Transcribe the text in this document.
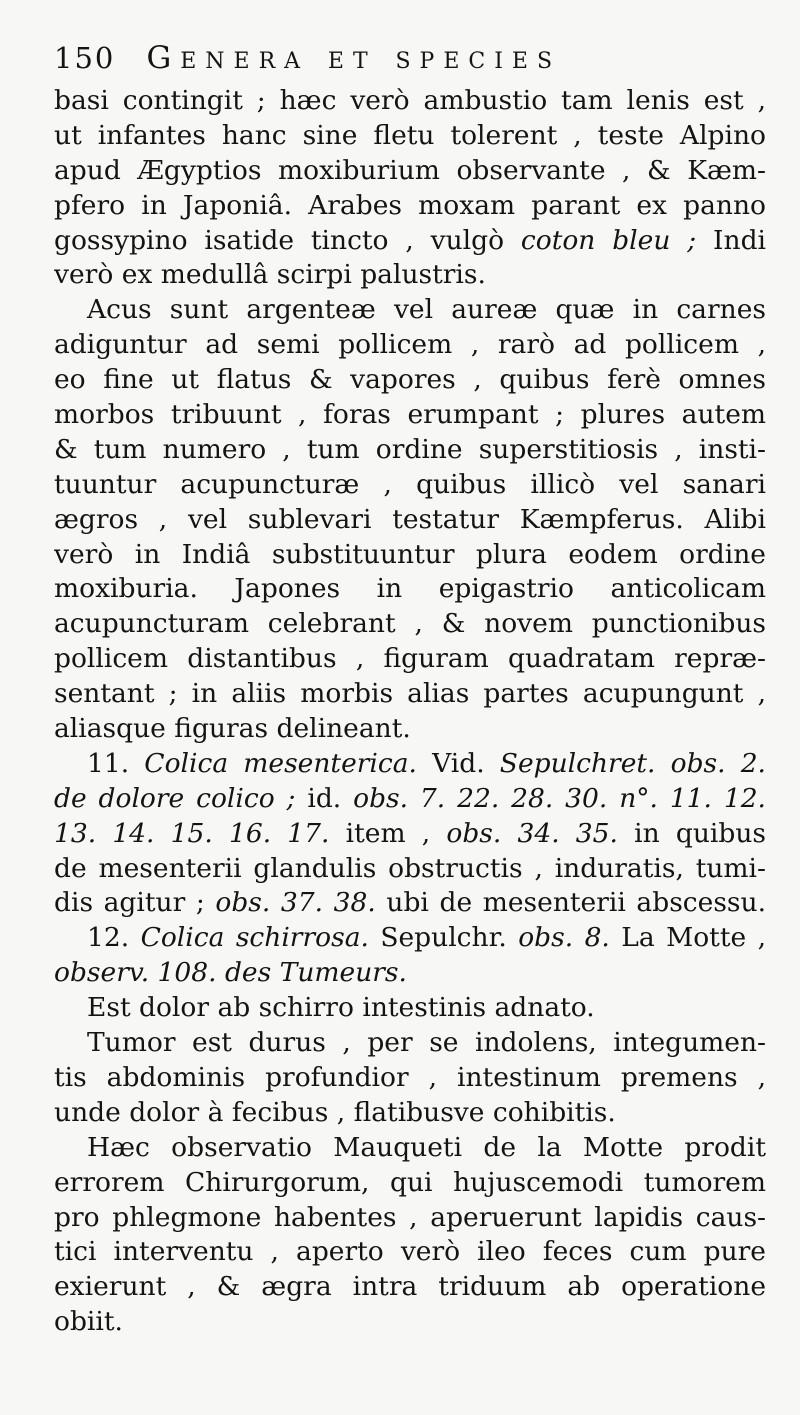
150 Genera et species
basi contingit ; hæc verò ambustio tam lenis est ,
ut infantes hanc sine fletu tolerent , teste Alpino
apud Ægyptios moxiburium observante , & Kæm-
pfero in Japoniâ. Arabes moxam parant ex panno
gossypino isatide tincto , vulgò coton bleu ; Indi
verò ex medullâ scirpi palustris.
Acus sunt argenteæ vel aureæ quæ in carnes
adiguntur ad semi pollicem , rarò ad pollicem ,
eo fine ut flatus & vapores , quibus ferè omnes
morbos tribuunt , foras erumpant ; plures autem
& tum numero , tum ordine superstitiosis , insti-
tuuntur acupuncturæ , quibus illicò vel sanari
ægros , vel sublevari testatur Kæmpferus. Alibi
verò in Indiâ substituuntur plura eodem ordine
moxiburia. Japones in epigastrio anticolicam
acupuncturam celebrant , & novem punctionibus
pollicem distantibus , figuram quadratam repræ-
sentant ; in aliis morbis alias partes acupungunt ,
aliasque figuras delineant.
11. Colica mesenterica. Vid. Sepulchret. obs. 2.
de dolore colico ; id. obs. 7. 22. 28. 30. n°. 11. 12.
13. 14. 15. 16. 17. item , obs. 34. 35. in quibus
de mesenterii glandulis obstructis , induratis, tumi-
dis agitur ; obs. 37. 38. ubi de mesenterii abscessu.
12. Colica schirrosa. Sepulchr. obs. 8. La Motte ,
observ. 108. des Tumeurs.
Est dolor ab schirro intestinis adnato.
Tumor est durus , per se indolens, integumen-
tis abdominis profundior , intestinum premens ,
unde dolor à fecibus , flatibusve cohibitis.
Hæc observatio Mauqueti de la Motte prodit
errorem Chirurgorum, qui hujuscemodi tumorem
pro phlegmone habentes , aperuerunt lapidis caus-
tici interventu , aperto verò ileo feces cum pure
exierunt , & ægra intra triduum ab operatione
obiit.
